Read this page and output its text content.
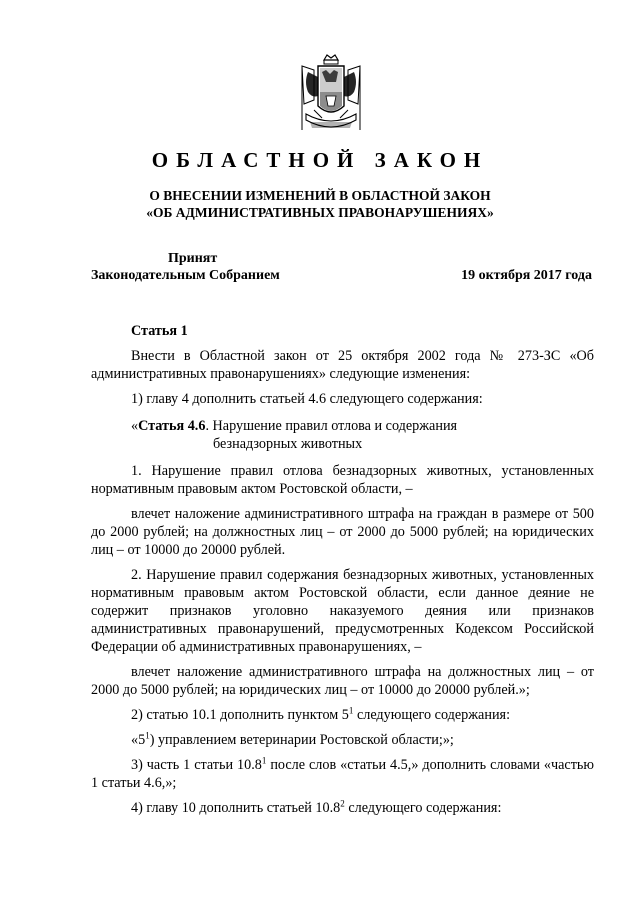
ОБЛАСТНОЙ ЗАКОН
О ВНЕСЕНИИ ИЗМЕНЕНИЙ В ОБЛАСТНОЙ ЗАКОН
«ОБ АДМИНИСТРАТИВНЫХ ПРАВОНАРУШЕНИЯХ»
Принят
Законодательным Собранием	19 октября 2017 года

Статья 1

Внести в Областной закон от 25 октября 2002 года № 273-ЗС «Об административных правонарушениях» следующие изменения:

1) главу 4 дополнить статьей 4.6 следующего содержания:

«Статья 4.6. Нарушение правил отлова и содержания

безнадзорных животных

1. Нарушение правил отлова безнадзорных животных, установленных нормативным правовым актом Ростовской области, –

влечет наложение административного штрафа на граждан в размере от 500 до 2000 рублей; на должностных лиц – от 2000 до 5000 рублей; на юридических лиц – от 10000 до 20000 рублей.

2. Нарушение правил содержания безнадзорных животных, установленных нормативным правовым актом Ростовской области, если данное деяние не содержит признаков уголовно наказуемого деяния или признаков административных правонарушений, предусмотренных Кодексом Российской Федерации об административных правонарушениях, –

влечет наложение административного штрафа на должностных лиц – от 2000 до 5000 рублей; на юридических лиц – от 10000 до 20000 рублей.»;

2) статью 10.1 дополнить пунктом $5^1$ следующего содержания:

«$5^1$) управлением ветеринарии Ростовской области;»;

3) часть 1 статьи 10.8$^1$ после слов «статьи 4.5,» дополнить словами «частью 1 статьи 4.6,»;

4) главу 10 дополнить статьей 10.8$^2$ следующего содержания:
